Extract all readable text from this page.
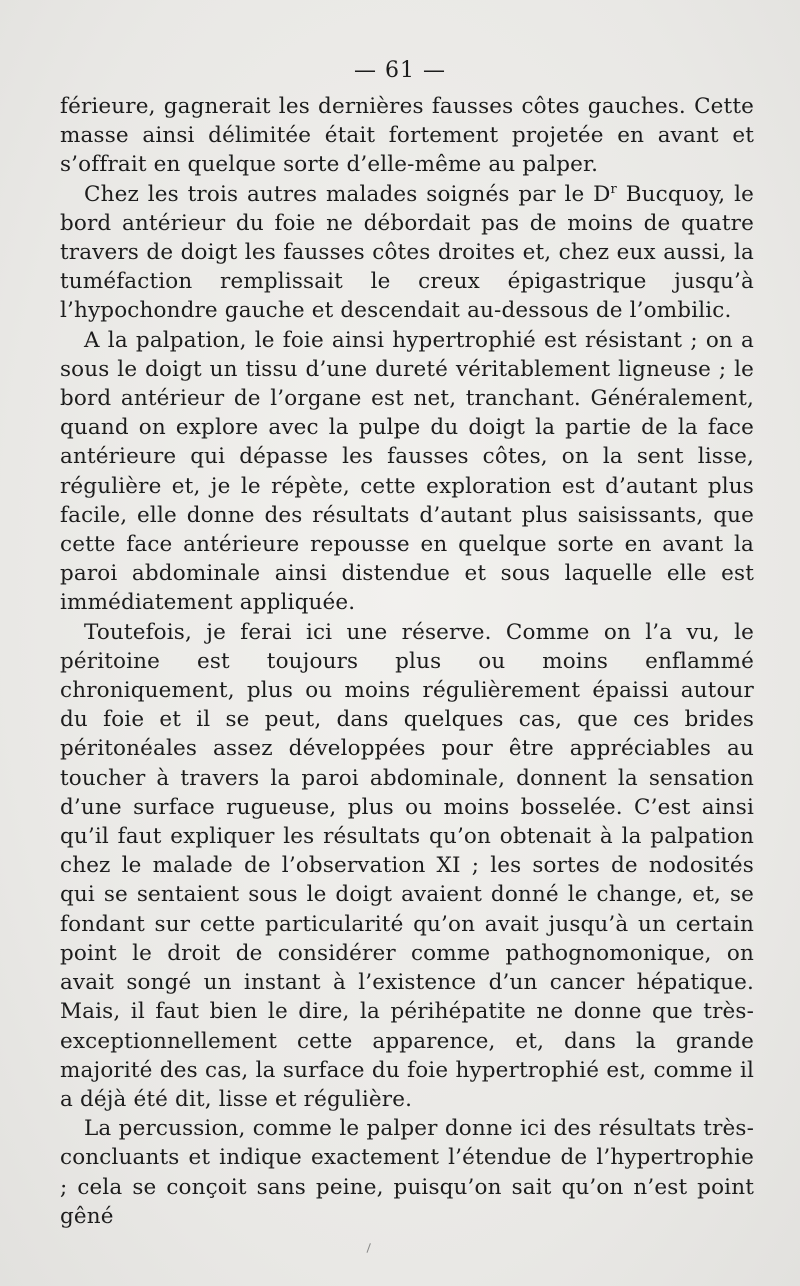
— 61 —

férieure, gagnerait les dernières fausses côtes gauches. Cette masse ainsi délimitée était fortement projetée en avant et s’offrait en quelque sorte d’elle-même au palper.

Chez les trois autres malades soignés par le $D^r$ Bucquoy, le bord antérieur du foie ne débordait pas de moins de quatre travers de doigt les fausses côtes droites et, chez eux aussi, la tuméfaction remplissait le creux épigastrique jusqu’à l’hypochondre gauche et descendait au-dessous de l’ombilic.

A la palpation, le foie ainsi hypertrophié est résistant ; on a sous le doigt un tissu d’une dureté véritablement ligneuse ; le bord antérieur de l’organe est net, tranchant. Généralement, quand on explore avec la pulpe du doigt la partie de la face antérieure qui dépasse les fausses côtes, on la sent lisse, régulière et, je le répète, cette exploration est d’autant plus facile, elle donne des résultats d’autant plus saisissants, que cette face antérieure repousse en quelque sorte en avant la paroi abdominale ainsi distendue et sous laquelle elle est immédiatement appliquée.

Toutefois, je ferai ici une réserve. Comme on l’a vu, le péritoine est toujours plus ou moins enflammé chroniquement, plus ou moins régulièrement épaissi autour du foie et il se peut, dans quelques cas, que ces brides péritonéales assez développées pour être appréciables au toucher à travers la paroi abdominale, donnent la sensation d’une surface rugueuse, plus ou moins bosselée. C’est ainsi qu’il faut expliquer les résultats qu’on obtenait à la palpation chez le malade de l’observation XI ; les sortes de nodosités qui se sentaient sous le doigt avaient donné le change, et, se fondant sur cette particularité qu’on avait jusqu’à un certain point le droit de considérer comme pathognomonique, on avait songé un instant à l’existence d’un cancer hépatique. Mais, il faut bien le dire, la périhépatite ne donne que très-exceptionnellement cette apparence, et, dans la grande majorité des cas, la surface du foie hypertrophié est, comme il a déjà été dit, lisse et régulière.

La percussion, comme le palper donne ici des résultats très-concluants et indique exactement l’étendue de l’hypertrophie ; cela se conçoit sans peine, puisqu’on sait qu’on n’est point gêné
